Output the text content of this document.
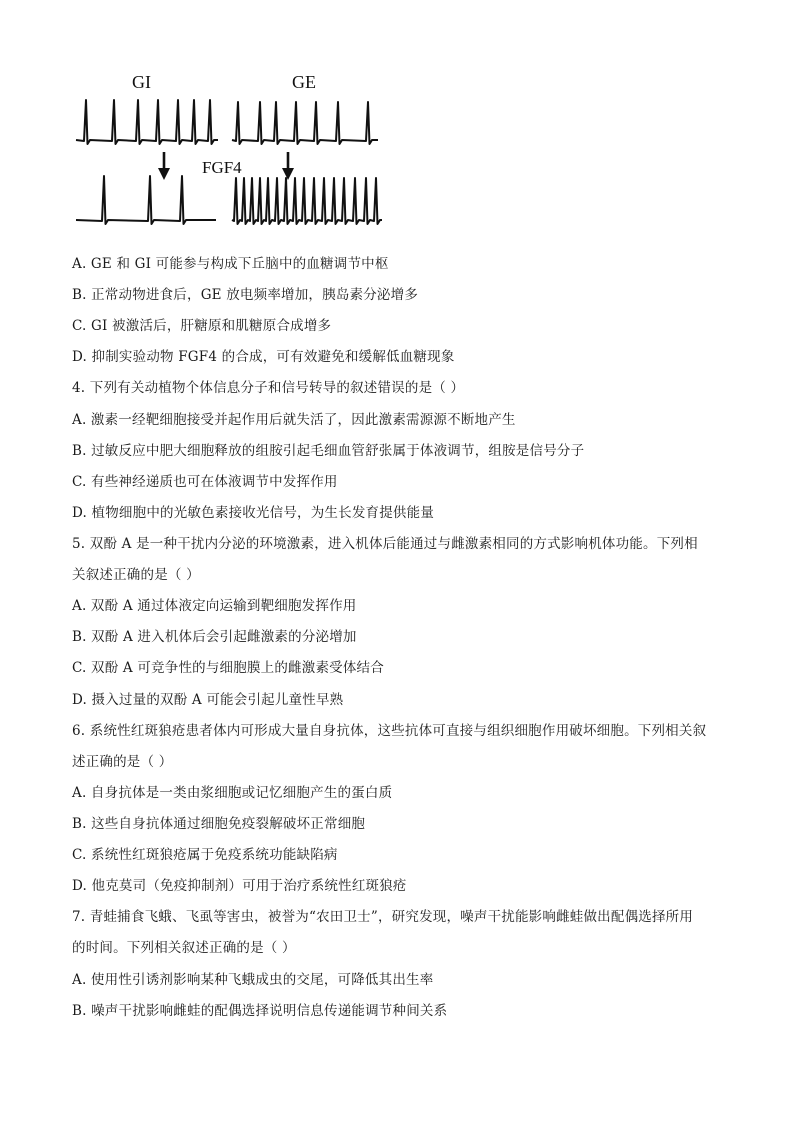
GI	GE
FGF4
A. GE 和 GI 可能参与构成下丘脑中的血糖调节中枢
B. 正常动物进食后，GE 放电频率增加，胰岛素分泌增多
C. GI 被激活后，肝糖原和肌糖原合成增多
D. 抑制实验动物 FGF4 的合成，可有效避免和缓解低血糖现象
4. 下列有关动植物个体信息分子和信号转导的叙述错误的是（ ）
A. 激素一经靶细胞接受并起作用后就失活了，因此激素需源源不断地产生
B. 过敏反应中肥大细胞释放的组胺引起毛细血管舒张属于体液调节，组胺是信号分子
C. 有些神经递质也可在体液调节中发挥作用
D. 植物细胞中的光敏色素接收光信号，为生长发育提供能量
5. 双酚 A 是一种干扰内分泌的环境激素，进入机体后能通过与雌激素相同的方式影响机体功能。下列相
关叙述正确的是（ ）
A. 双酚 A 通过体液定向运输到靶细胞发挥作用
B. 双酚 A 进入机体后会引起雌激素的分泌增加
C. 双酚 A 可竞争性的与细胞膜上的雌激素受体结合
D. 摄入过量的双酚 A 可能会引起儿童性早熟
6. 系统性红斑狼疮患者体内可形成大量自身抗体，这些抗体可直接与组织细胞作用破坏细胞。下列相关叙
述正确的是（ ）
A. 自身抗体是一类由浆细胞或记忆细胞产生的蛋白质
B. 这些自身抗体通过细胞免疫裂解破坏正常细胞
C. 系统性红斑狼疮属于免疫系统功能缺陷病
D. 他克莫司（免疫抑制剂）可用于治疗系统性红斑狼疮
7. 青蛙捕食飞蛾、飞虱等害虫，被誉为“农田卫士”，研究发现，噪声干扰能影响雌蛙做出配偶选择所用
的时间。下列相关叙述正确的是（ ）
A. 使用性引诱剂影响某种飞蛾成虫的交尾，可降低其出生率
B. 噪声干扰影响雌蛙的配偶选择说明信息传递能调节种间关系
